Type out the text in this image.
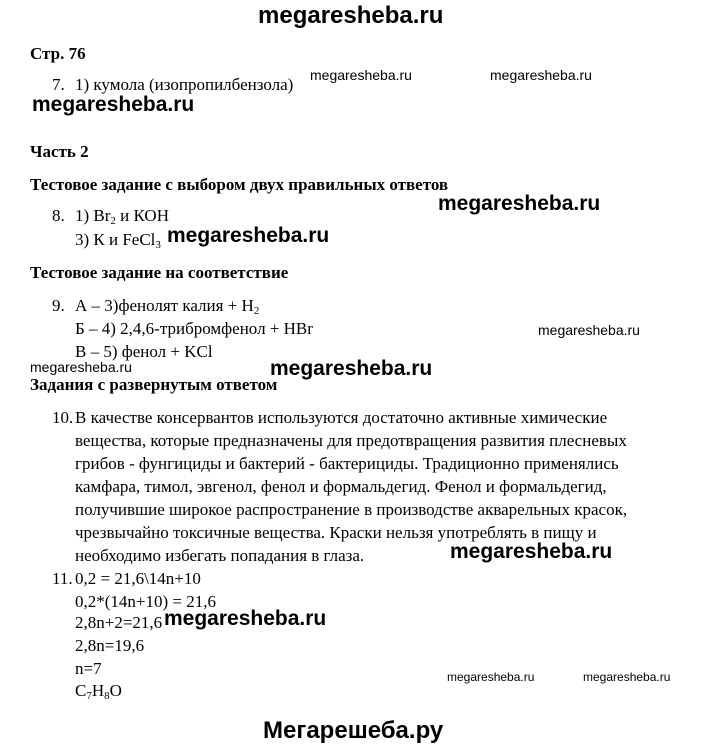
megaresheba.ru
Стр. 76
7. 1) кумола (изопропилбензола) megaresheba.ru	megaresheba.ru
megaresheba.ru
Часть 2
Тестовое задание с выбором двух правильных ответов
megaresheba.ru
8. 1) $Br_2$ и КОН
3) К и FeCl$_3$ megaresheba.ru
Тестовое задание на соответствие
9. А – 3)фенолят калия + $Н_2$
Б – 4) 2,4,6-трибромфенол + HBr
В – 5) фенол + KCl
megaresheba.ru
megaresheba.ru	megaresheba.ru
Задания с развернутым ответом
10. В качестве консервантов используются достаточно активные химические
вещества, которые предназначены для предотвращения развития плесневых
грибов - фунгициды и бактерий - бактерициды. Традиционно применялись
камфара, тимол, эвгенол, фенол и формальдегид. Фенол и формальдегид,
получившие широкое распространение в производстве акварельных красок,
чрезвычайно токсичные вещества. Краски нельзя употреблять в пищу и
необходимо избегать попадания в глаза.	megaresheba.ru
11. 0,2 = 21,6\14n+10
0,2*(14n+10) = 21,6
2,8n+2=21,6 megaresheba.ru
2,8n=19,6
n=7
$C_7H_8O$
megaresheba.ru	megaresheba.ru
Мегарешеба.ру
